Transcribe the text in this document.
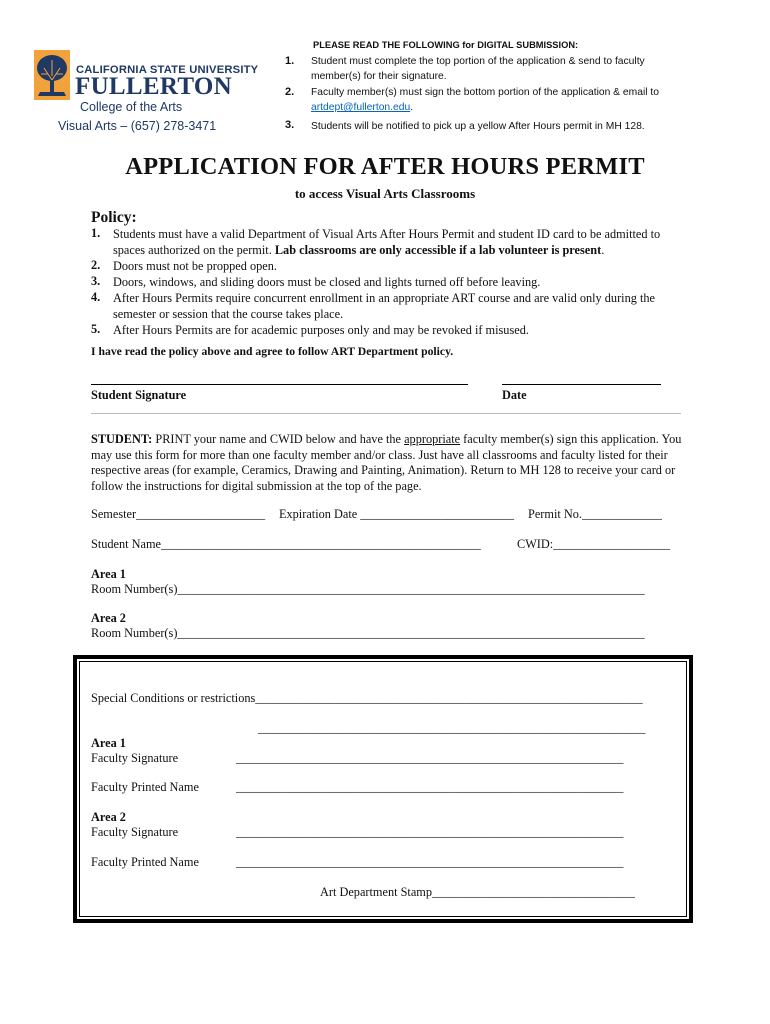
CALIFORNIA STATE UNIVERSITY
FULLERTON
College of the Arts
Visual Arts – (657) 278-3471
PLEASE READ THE FOLLOWING for DIGITAL SUBMISSION:
1. Student must complete the top portion of the application & send to faculty
member(s) for their signature.
2. Faculty member(s) must sign the bottom portion of the application & email to
artdept@fullerton.edu.
3. Students will be notified to pick up a yellow After Hours permit in MH 128.
APPLICATION FOR AFTER HOURS PERMIT
to access Visual Arts Classrooms
Policy:
1. Students must have a valid Department of Visual Arts After Hours Permit and student ID card to be admitted to spaces authorized on the permit. Lab classrooms are only accessible if a lab volunteer is present.
2. Doors must not be propped open.
3. Doors, windows, and sliding doors must be closed and lights turned off before leaving.
4. After Hours Permits require concurrent enrollment in an appropriate ART course and are valid only during the semester or session that the course takes place.
5. After Hours Permits are for academic purposes only and may be revoked if misused.
I have read the policy above and agree to follow ART Department policy.
Student Signature	Date
STUDENT: PRINT your name and CWID below and have the appropriate faculty member(s) sign this application. You may use this form for more than one faculty member and/or class. Just have all classrooms and faculty listed for their respective areas (for example, Ceramics, Drawing and Painting, Animation). Return to MH 128 to receive your card or follow the instructions for digital submission at the top of the page.
Semester_____________________ Expiration Date _________________________ Permit No._____________
Student Name____________________________________________________	CWID:___________________
Area 1
Room Number(s)____________________________________________________________________________
Area 2
Room Number(s)____________________________________________________________________________
Special Conditions or restrictions_______________________________________________________________
_______________________________________________________________
Area 1
Faculty Signature	_______________________________________________________________
Faculty Printed Name	_______________________________________________________________
Area 2
Faculty Signature	_______________________________________________________________
Faculty Printed Name	_______________________________________________________________
Art Department Stamp_________________________________
